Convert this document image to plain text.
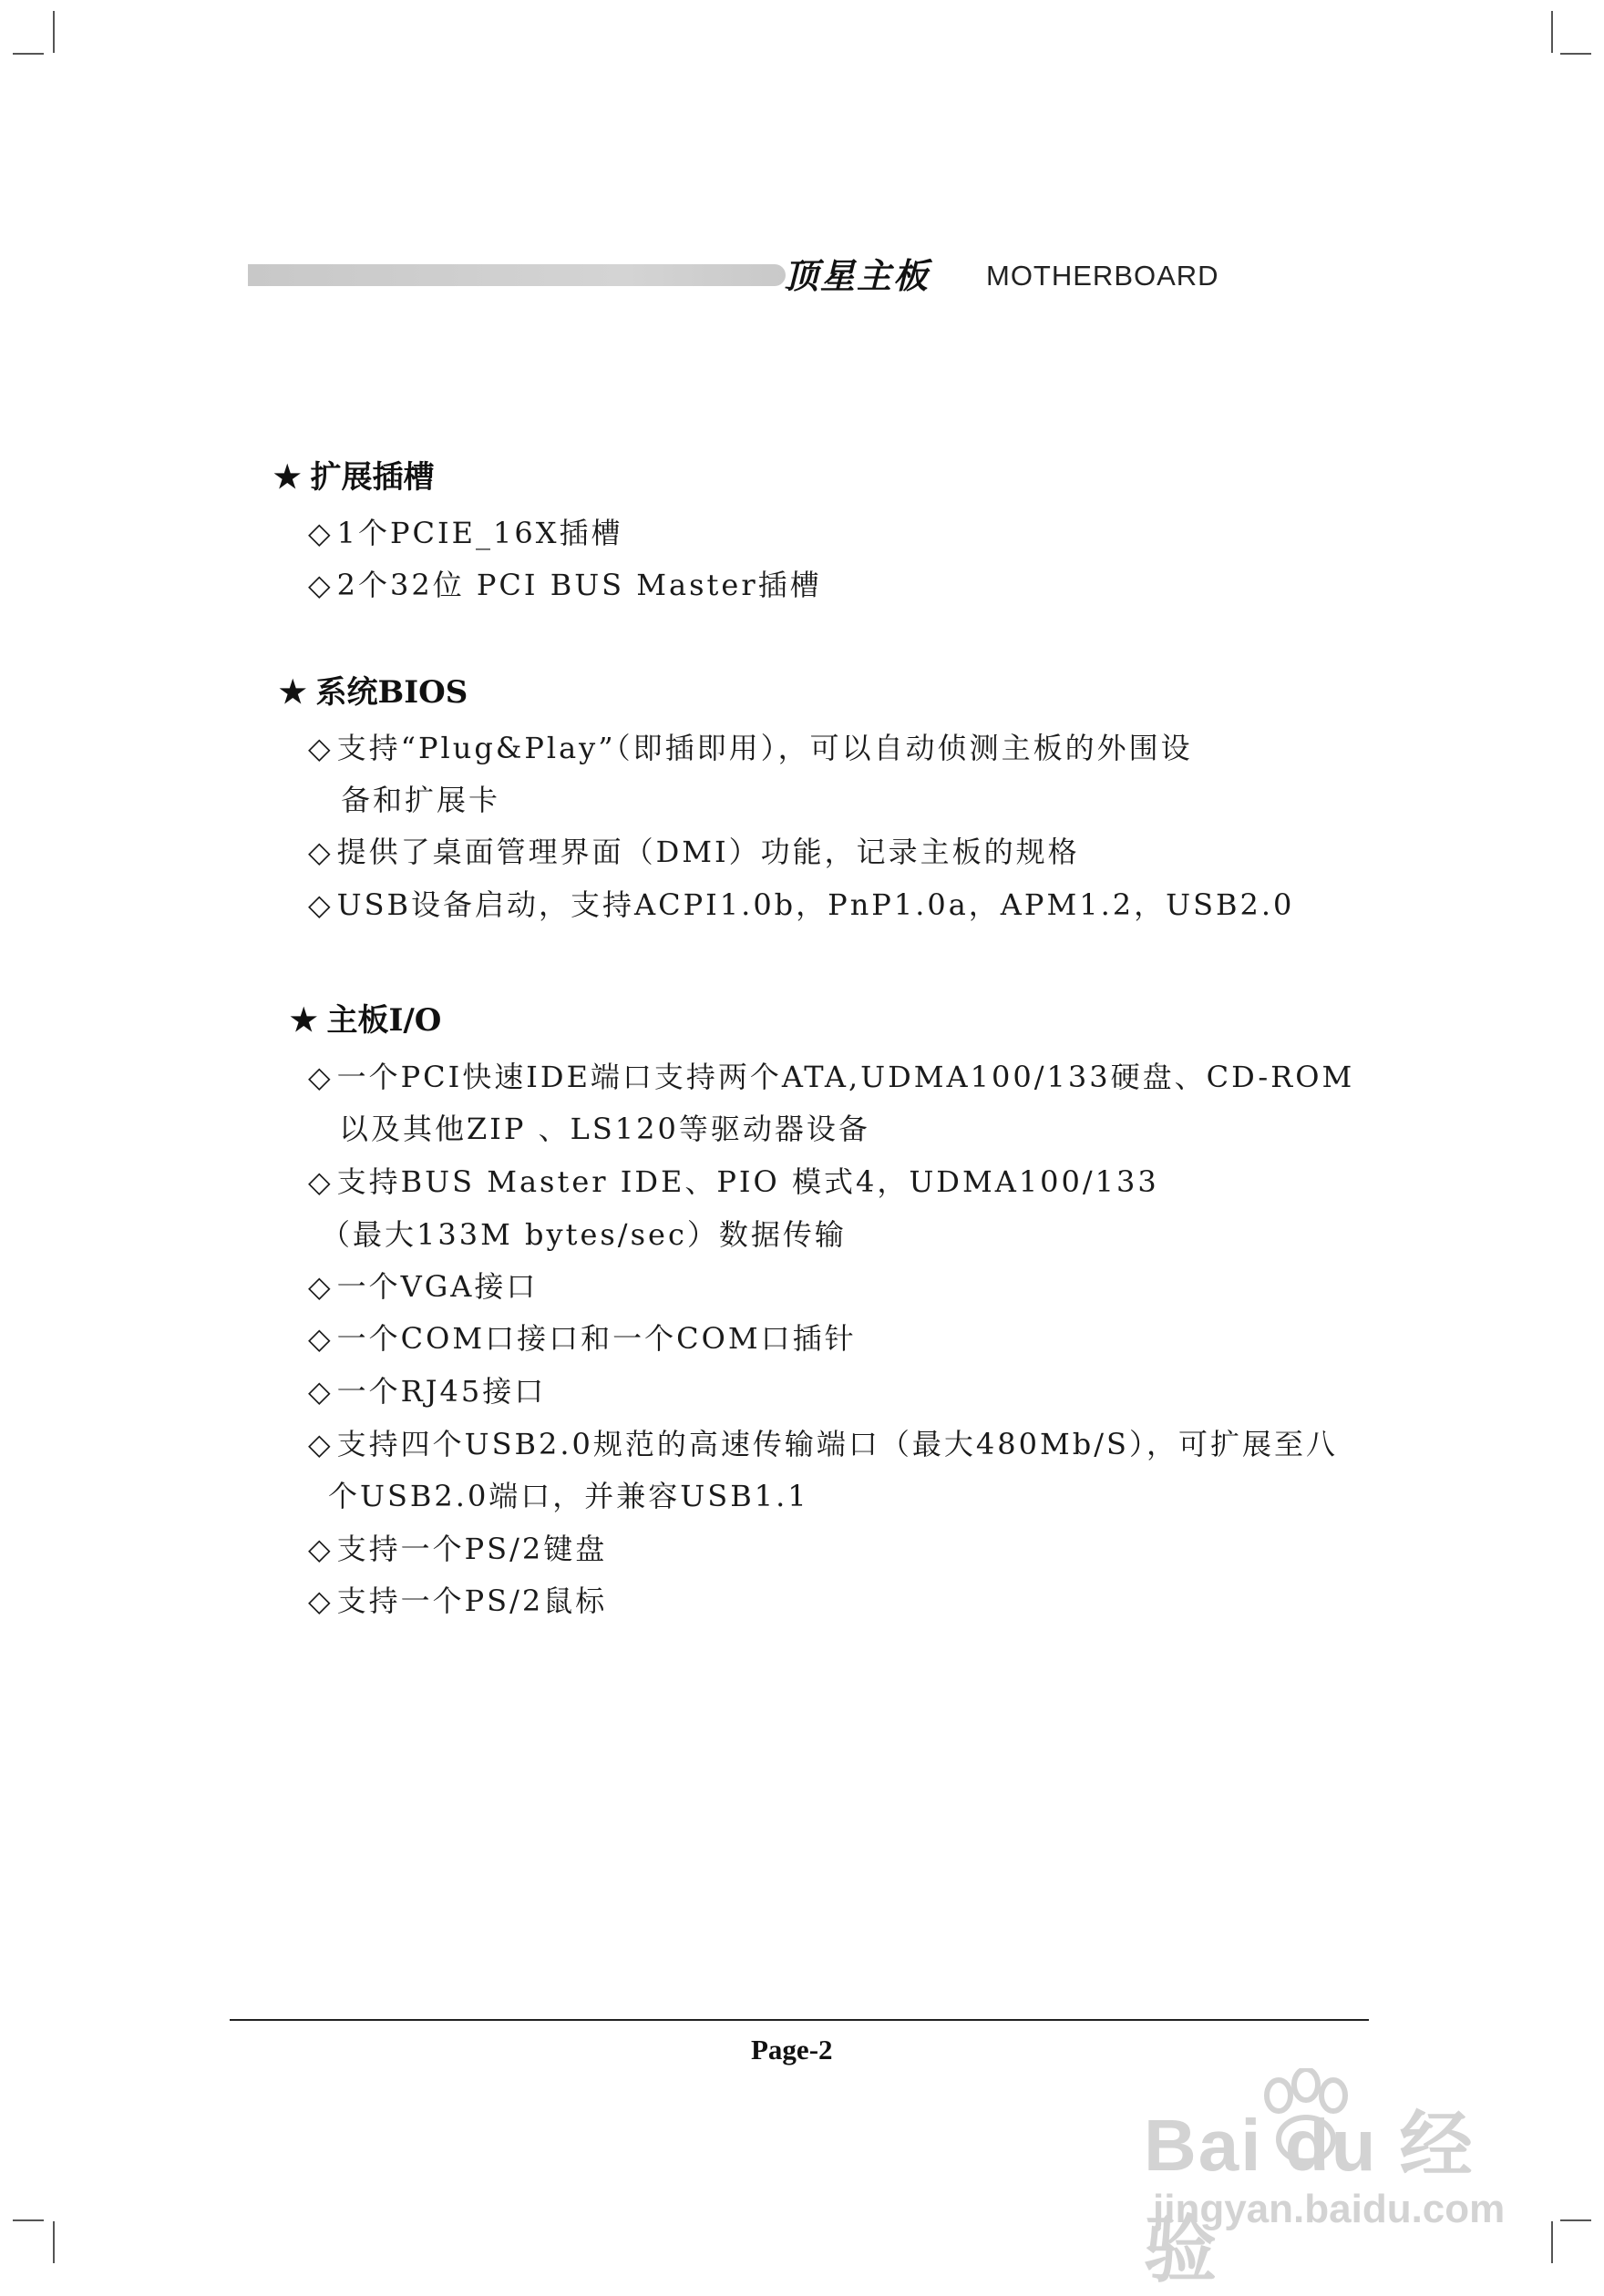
顶星主板 MOTHERBOARD
★ 扩展插槽
◇ 1个PCIE_16X插槽
◇ 2个32位 PCI BUS Master插槽
★ 系统BIOS
◇ 支持“Plug&Play”（即插即用），可以自动侦测主板的外围设
备和扩展卡
◇ 提供了桌面管理界面（DMI）功能，记录主板的规格
◇ USB设备启动，支持ACPI1.0b，PnP1.0a，APM1.2，USB2.0
★ 主板I/O
◇ 一个PCI快速IDE端口支持两个ATA,UDMA100/133硬盘、CD-ROM
以及其他ZIP 、LS120等驱动器设备
◇ 支持BUS Master IDE、PIO 模式4，UDMA100/133
（最大133M bytes/sec）数据传输
◇ 一个VGA接口
◇ 一个COM口接口和一个COM口插针
◇ 一个RJ45接口
◇ 支持四个USB2.0规范的高速传输端口（最大480Mb/S），可扩展至八
个USB2.0端口，并兼容USB1.1
◇ 支持一个PS/2键盘
◇ 支持一个PS/2鼠标
Page-2
Bai du 经验
jingyan.baidu.com
